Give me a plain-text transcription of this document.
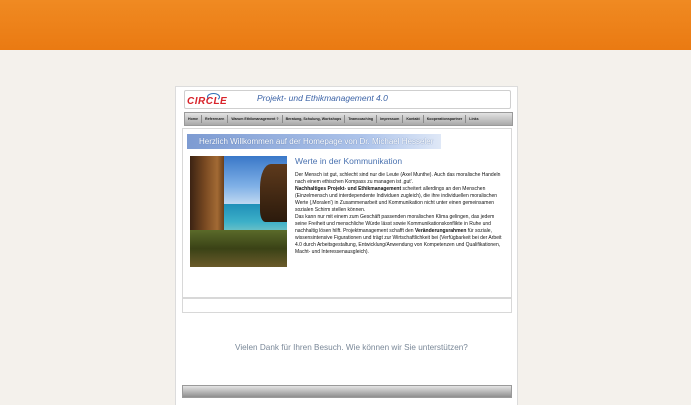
CIRCLE	Projekt- und Ethikmanagement 4.0
Home	Referenzen	Warum Ethikmanagement ?	Beratung, Schulung, Workshops	Teamcoaching	Impressum	Kontakt	Kooperationspartner	Links
Herzlich Willkommen auf der Homepage von Dr. Michael Hesseler

Werte in der Kommunikation

Der Mensch ist gut, schlecht sind nur die Leute (Axel Munthe). Auch das moralische Handeln nach einem ethischen Kompass zu managen ist ‚gut'.
Nachhaltiges Projekt- und Ethikmanagement scheitert allerdings an den Menschen (Einzelmensch und interdependente Individuen zugleich), die ihre individuellen moralischen Werte (‚Moralen') in Zusammenarbeit und Kommunikation nicht unter einen gemeinsamen sozialen Schirm stellen können.
Das kann nur mit einem zum Geschäft passenden moralischen Klima gelingen, das jedem seine Freiheit und menschliche Würde lässt sowie Kommunikationskonflikte in Ruhe und nachhaltig lösen hilft. Projektmanagement schafft den Veränderungsrahmen für soziale, wissensintensive Figurationen und trägt zur Wirtschaftlichkeit bei (Verfügbarkeit bei der Arbeit 4.0 durch Arbeitsgestaltung, Entwicklung/Anwendung von Kompetenzen und Qualifikationen, Macht- und Interessenausgleich).

Vielen Dank für Ihren Besuch. Wie können wir Sie unterstützen?
